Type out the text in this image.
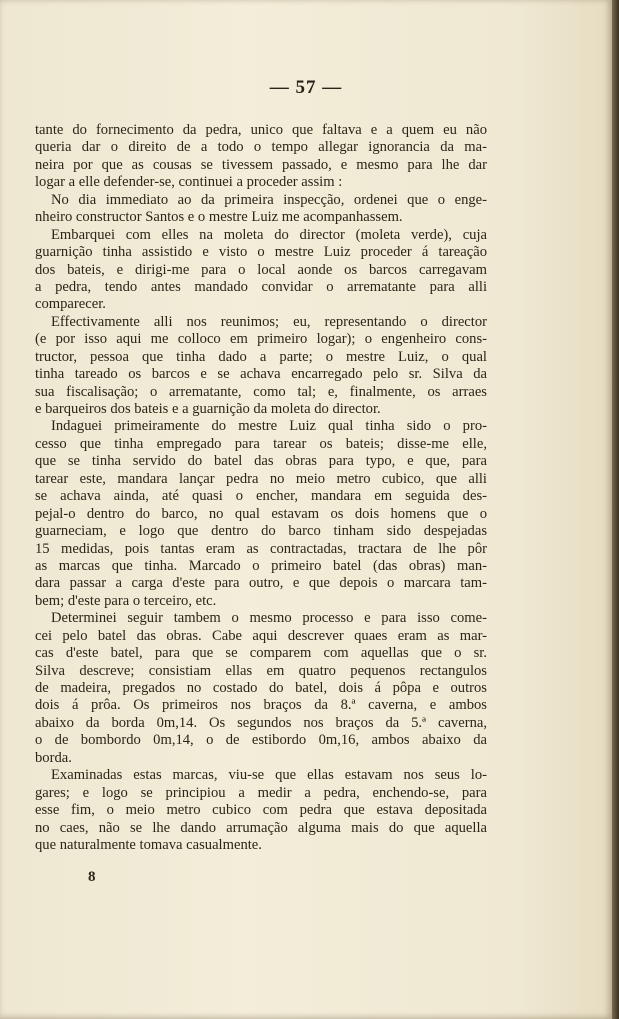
— 57 —
tante do fornecimento da pedra, unico que faltava e a quem eu não
queria dar o direito de a todo o tempo allegar ignorancia da ma-
neira por que as cousas se tivessem passado, e mesmo para lhe dar
logar a elle defender-se, continuei a proceder assim :
No dia immediato ao da primeira inspecção, ordenei que o enge-
nheiro constructor Santos e o mestre Luiz me acompanhassem.
Embarquei com elles na moleta do director (moleta verde), cuja
guarnição tinha assistido e visto o mestre Luiz proceder á tareação
dos bateis, e dirigi-me para o local aonde os barcos carregavam
a pedra, tendo antes mandado convidar o arrematante para alli
comparecer.
Effectivamente alli nos reunimos; eu, representando o director
(e por isso aqui me colloco em primeiro logar); o engenheiro cons-
tructor, pessoa que tinha dado a parte; o mestre Luiz, o qual
tinha tareado os barcos e se achava encarregado pelo sr. Silva da
sua fiscalisação; o arrematante, como tal; e, finalmente, os arraes
e barqueiros dos bateis e a guarnição da moleta do director.
Indaguei primeiramente do mestre Luiz qual tinha sido o pro-
cesso que tinha empregado para tarear os bateis; disse-me elle,
que se tinha servido do batel das obras para typo, e que, para
tarear este, mandara lançar pedra no meio metro cubico, que alli
se achava ainda, até quasi o encher, mandara em seguida des-
pejal-o dentro do barco, no qual estavam os dois homens que o
guarneciam, e logo que dentro do barco tinham sido despejadas
15 medidas, pois tantas eram as contractadas, tractara de lhe pôr
as marcas que tinha. Marcado o primeiro batel (das obras) man-
dara passar a carga d'este para outro, e que depois o marcara tam-
bem; d'este para o terceiro, etc.
Determinei seguir tambem o mesmo processo e para isso come-
cei pelo batel das obras. Cabe aqui descrever quaes eram as mar-
cas d'este batel, para que se comparem com aquellas que o sr.
Silva descreve; consistiam ellas em quatro pequenos rectangulos
de madeira, pregados no costado do batel, dois á pôpa e outros
dois á prôa. Os primeiros nos braços da 8.ª caverna, e ambos
abaixo da borda 0m,14. Os segundos nos braços da 5.ª caverna,
o de bombordo 0m,14, o de estibordo 0m,16, ambos abaixo da
borda.
Examinadas estas marcas, viu-se que ellas estavam nos seus lo-
gares; e logo se principiou a medir a pedra, enchendo-se, para
esse fim, o meio metro cubico com pedra que estava depositada
no caes, não se lhe dando arrumação alguma mais do que aquella
que naturalmente tomava casualmente.
8
